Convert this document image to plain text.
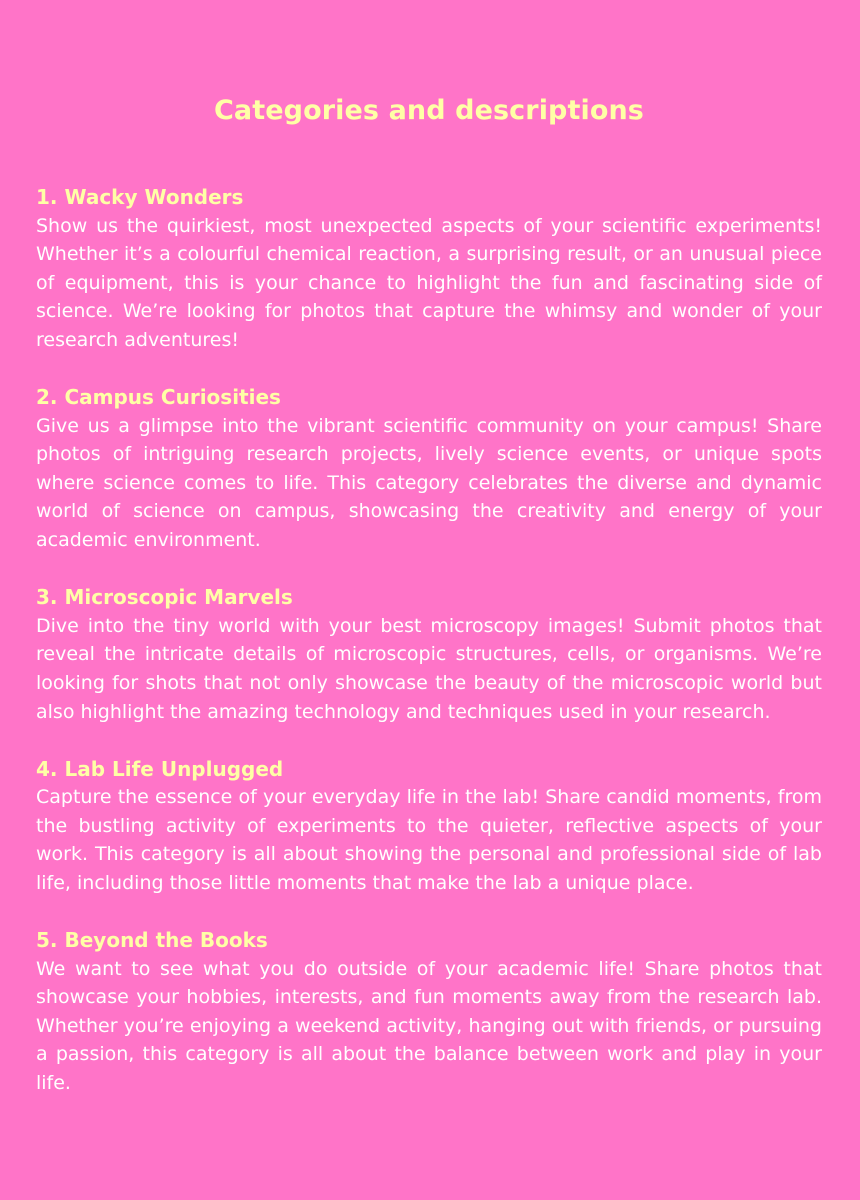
Categories and descriptions
1. Wacky Wonders

Show us the quirkiest, most unexpected aspects of your scientific experiments! Whether it’s a colourful chemical reaction, a surprising result, or an unusual piece of equipment, this is your chance to highlight the fun and fascinating side of science. We’re looking for photos that capture the whimsy and wonder of your research adventures!

2. Campus Curiosities

Give us a glimpse into the vibrant scientific community on your campus! Share photos of intriguing research projects, lively science events, or unique spots where science comes to life. This category celebrates the diverse and dynamic world of science on campus, showcasing the creativity and energy of your academic environment.

3. Microscopic Marvels

Dive into the tiny world with your best microscopy images! Submit photos that reveal the intricate details of microscopic structures, cells, or organisms. We’re looking for shots that not only showcase the beauty of the microscopic world but also highlight the amazing technology and techniques used in your research.

4. Lab Life Unplugged

Capture the essence of your everyday life in the lab! Share candid moments, from the bustling activity of experiments to the quieter, reflective aspects of your work. This category is all about showing the personal and professional side of lab life, including those little moments that make the lab a unique place.

5. Beyond the Books

We want to see what you do outside of your academic life! Share photos that showcase your hobbies, interests, and fun moments away from the research lab. Whether you’re enjoying a weekend activity, hanging out with friends, or pursuing a passion, this category is all about the balance between work and play in your life.
